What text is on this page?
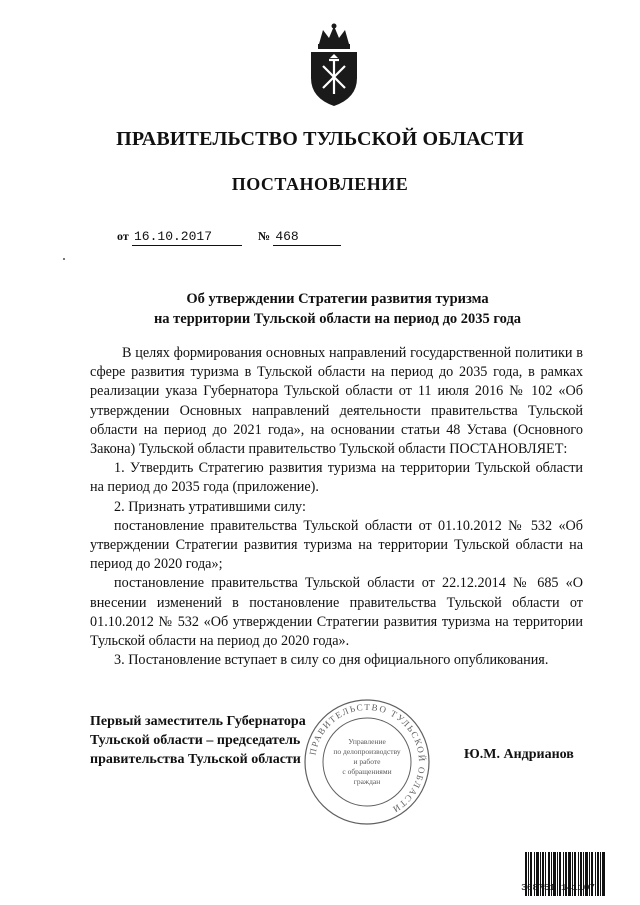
ПРАВИТЕЛЬСТВО ТУЛЬСКОЙ ОБЛАСТИ
ПОСТАНОВЛЕНИЕ
от 16.10.2017	№ 468
Об утверждении Стратегии развития туризма
на территории Тульской области на период до 2035 года

В целях формирования основных направлений государственной политики в сфере развития туризма в Тульской области на период до 2035 года, в рамках реализации указа Губернатора Тульской области от 11 июля 2016 № 102 «Об утверждении Основных направлений деятельности правительства Тульской области на период до 2021 года», на основании статьи 48 Устава (Основного Закона) Тульской области правительство Тульской области ПОСТАНОВЛЯЕТ:

1. Утвердить Стратегию развития туризма на территории Тульской области на период до 2035 года (приложение).

2. Признать утратившими силу:

постановление правительства Тульской области от 01.10.2012 № 532 «Об утверждении Стратегии развития туризма на территории Тульской области на период до 2020 года»;

постановление правительства Тульской области от 22.12.2014 № 685 «О внесении изменений в постановление правительства Тульской области от 01.10.2012 № 532 «Об утверждении Стратегии развития туризма на территории Тульской области на период до 2020 года».

3. Постановление вступает в силу со дня официального опубликования.

Первый заместитель Губернатора
Тульской области – председатель
правительства Тульской области	Ю.М. Андрианов
ПРАВИТЕЛЬСТВО ТУЛЬСКОЙ ОБЛАСТИ
Управление
по делопроизводству
и работе
с обращениями
граждан
368751 141107
